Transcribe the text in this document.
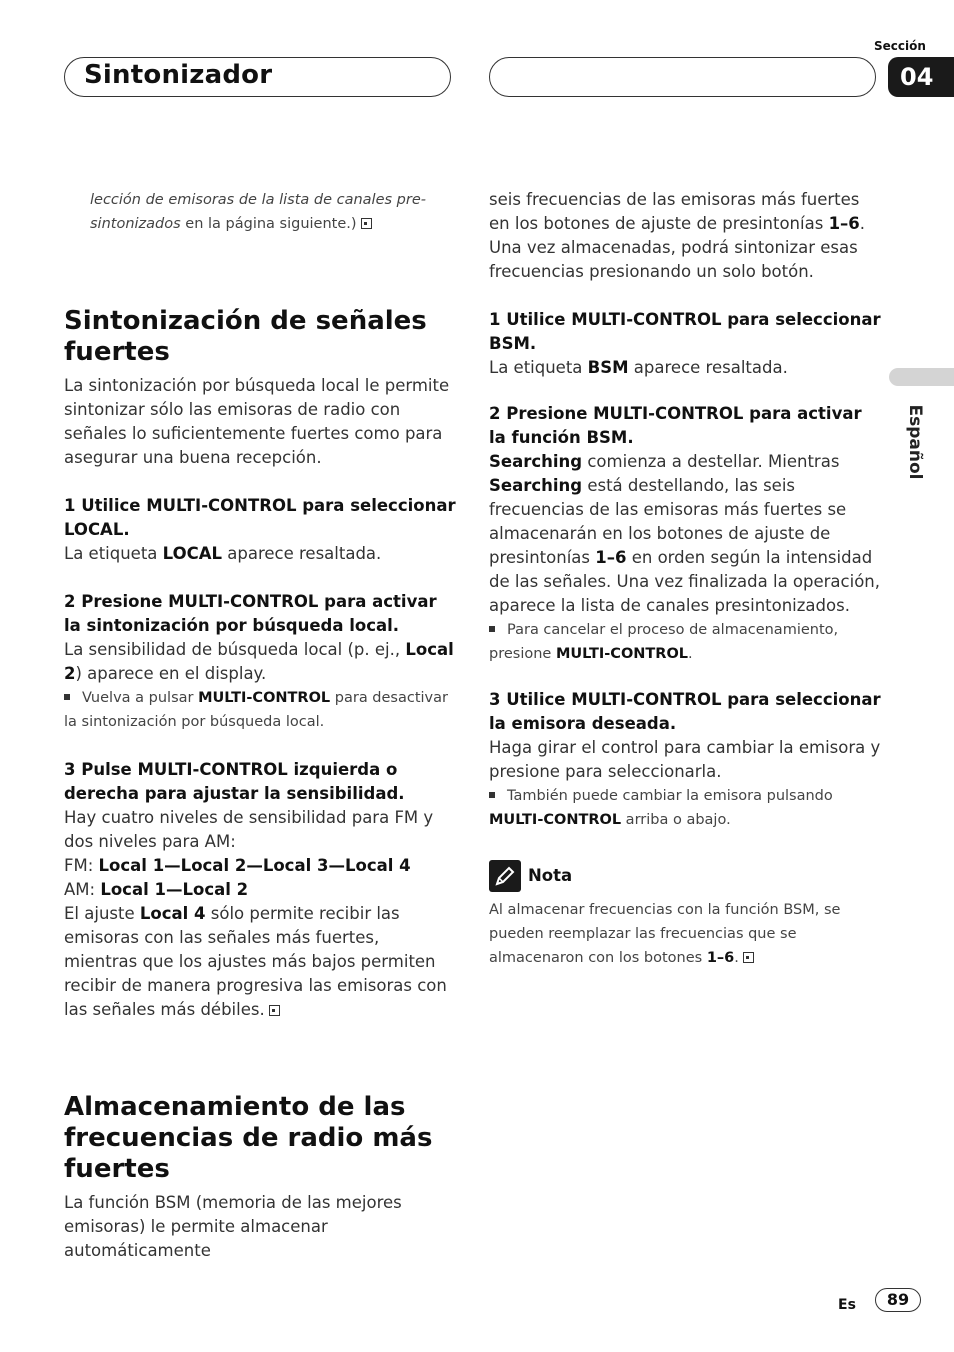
Sintonizador
Sección
04
Español

lección de emisoras de la lista de canales pre-sintonizados en la página siguiente.)

Sintonización de señales fuertes

La sintonización por búsqueda local le permite sintonizar sólo las emisoras de radio con señales lo suficientemente fuertes como para asegurar una buena recepción.

1 Utilice MULTI-CONTROL para seleccionar LOCAL.

La etiqueta LOCAL aparece resaltada.

2 Presione MULTI-CONTROL para activar la sintonización por búsqueda local.

La sensibilidad de búsqueda local (p. ej., Local 2) aparece en el display.

Vuelva a pulsar MULTI-CONTROL para desactivar la sintonización por búsqueda local.

3 Pulse MULTI-CONTROL izquierda o derecha para ajustar la sensibilidad.

Hay cuatro niveles de sensibilidad para FM y dos niveles para AM:

FM: Local 1—Local 2—Local 3—Local 4

AM: Local 1—Local 2

El ajuste Local 4 sólo permite recibir las emisoras con las señales más fuertes, mientras que los ajustes más bajos permiten recibir de manera progresiva las emisoras con las señales más débiles.

Almacenamiento de las frecuencias de radio más fuertes

La función BSM (memoria de las mejores emisoras) le permite almacenar automáticamente

seis frecuencias de las emisoras más fuertes en los botones de ajuste de presintonías 1–6. Una vez almacenadas, podrá sintonizar esas frecuencias presionando un solo botón.

1 Utilice MULTI-CONTROL para seleccionar BSM.

La etiqueta BSM aparece resaltada.

2 Presione MULTI-CONTROL para activar la función BSM.

Searching comienza a destellar. Mientras Searching está destellando, las seis frecuencias de las emisoras más fuertes se almacenarán en los botones de ajuste de presintonías 1–6 en orden según la intensidad de las señales. Una vez finalizada la operación, aparece la lista de canales presintonizados.

Para cancelar el proceso de almacenamiento, presione MULTI-CONTROL.

3 Utilice MULTI-CONTROL para seleccionar la emisora deseada.

Haga girar el control para cambiar la emisora y presione para seleccionarla.

También puede cambiar la emisora pulsando MULTI-CONTROL arriba o abajo.

Nota

Al almacenar frecuencias con la función BSM, se pueden reemplazar las frecuencias que se almacenaron con los botones 1–6.

Es	89
